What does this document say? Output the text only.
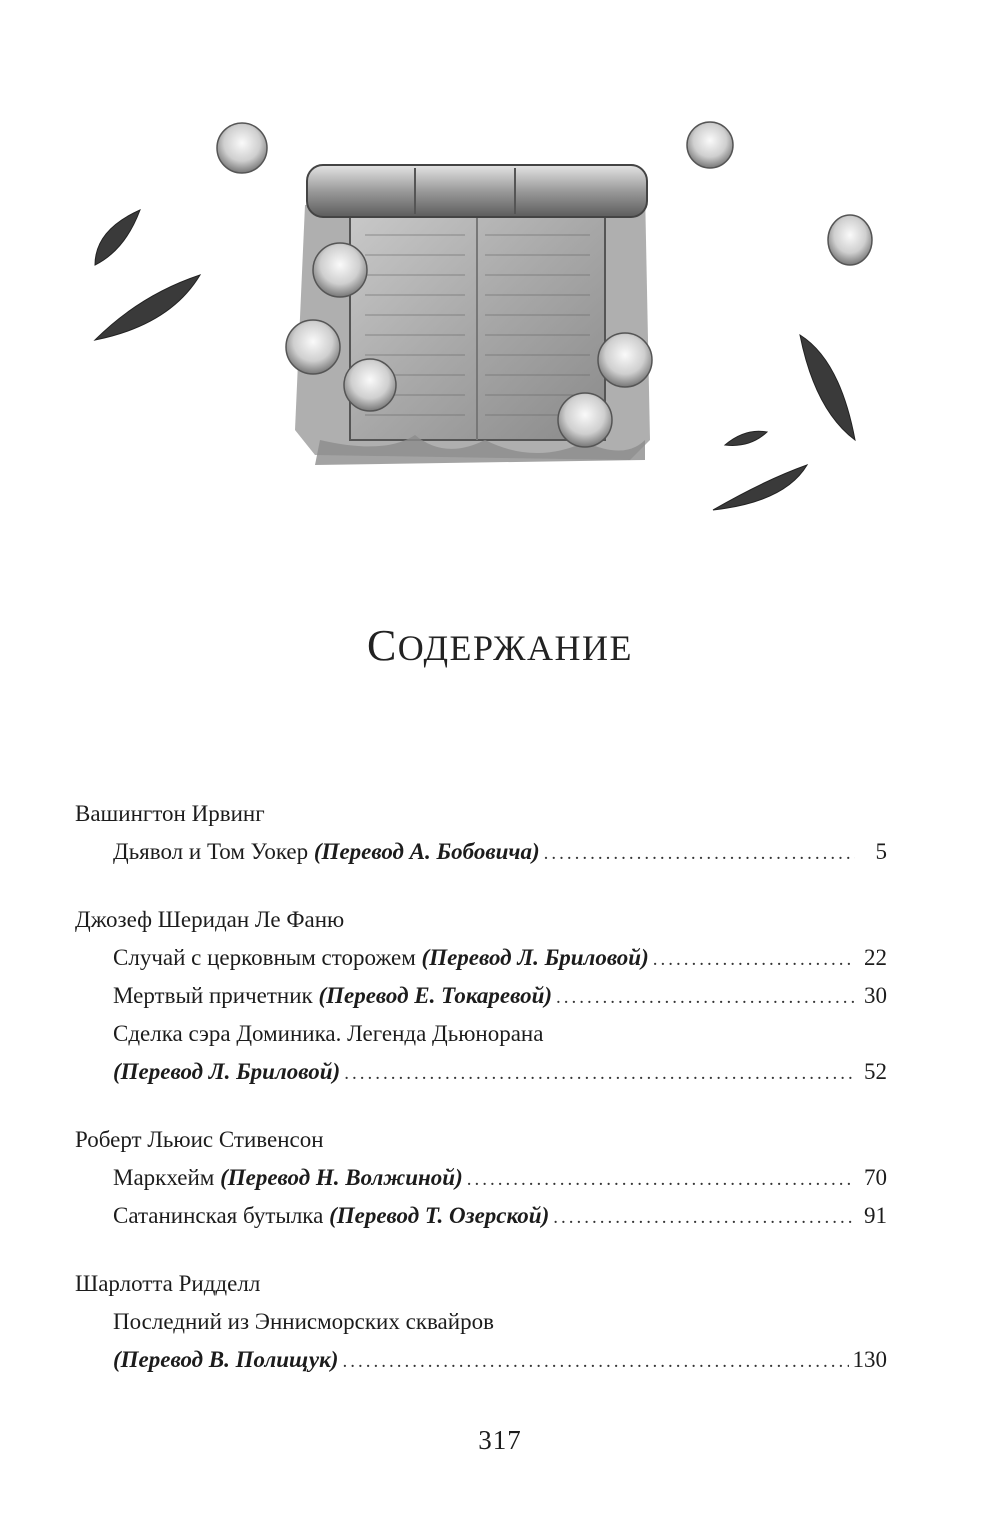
СОДЕРЖАНИЕ
Вашингтон Ирвинг
Дьявол и Том Уокер
(Перевод А. Бобовича) .....	5
Джозеф Шеридан Ле Фаню
Случай с церковным сторожем
(Перевод Л. Бриловой) .....	22
Мертвый причетник
(Перевод Е. Токаревой) .....	30
Сделка сэра Доминика. Легенда Дьюнорана
(Перевод Л. Бриловой) .....	52
Роберт Льюис Стивенсон
Маркхейм
(Перевод Н. Волжиной) .....	70
Сатанинская бутылка
(Перевод Т. Озерской) .....	91
Шарлотта Ридделл
Последний из Эннисморских сквайров
(Перевод В. Полищук) .....	130
317
